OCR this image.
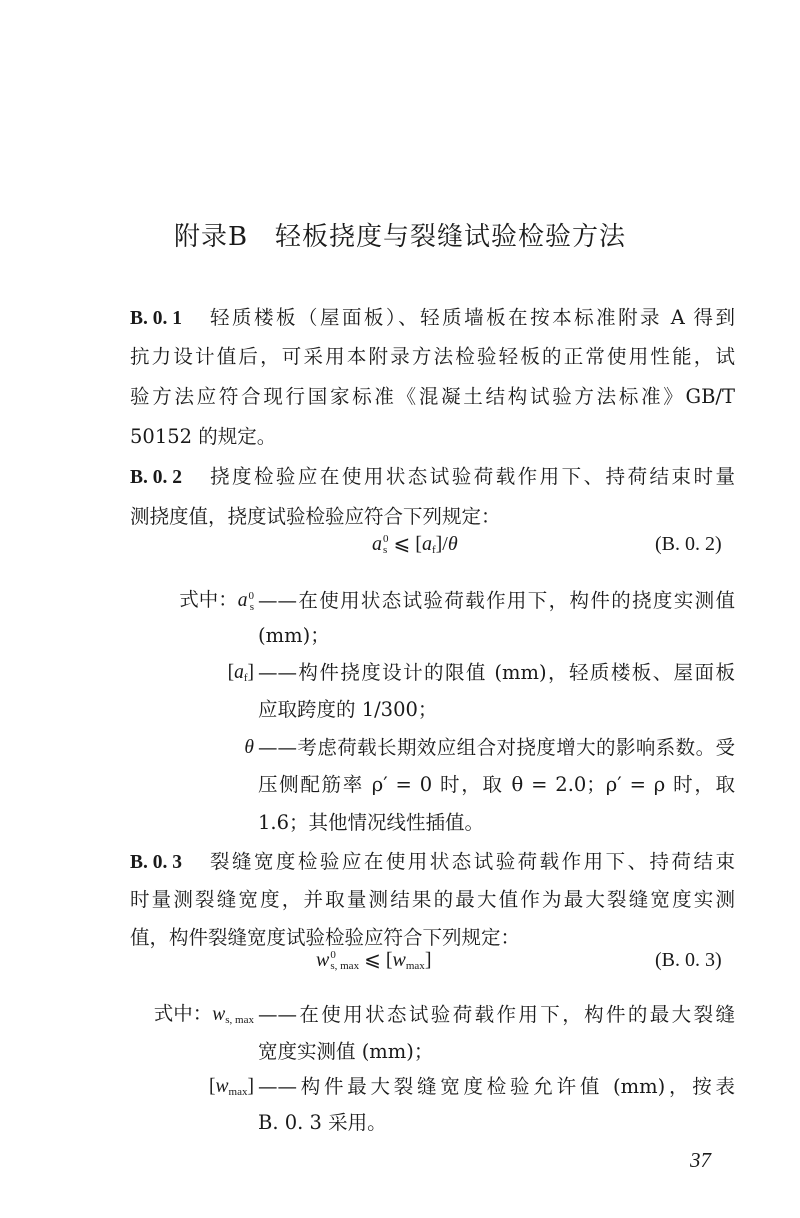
附录B　轻板挠度与裂缝试验检验方法
B. 0. 1 轻质楼板（屋面板）、轻质墙板在按本标准附录 A 得到
抗力设计值后，可采用本附录方法检验轻板的正常使用性能，试
验方法应符合现行国家标准《混凝土结构试验方法标准》GB/T
50152 的规定。
B. 0. 2 挠度检验应在使用状态试验荷载作用下、持荷结束时量
测挠度值，挠度试验检验应符合下列规定：
a 0
s ⩽ [af]/θ	(B. 0. 2)
式中：a 0
s ——在使用状态试验荷载作用下，构件的挠度实测值
(mm)；
[af] ——构件挠度设计的限值 (mm)，轻质楼板、屋面板
应取跨度的 1/300；
θ ——考虑荷载长期效应组合对挠度增大的影响系数。受
压侧配筋率 ρ′ = 0 时，取 θ = 2.0；ρ′ = ρ 时，取
1.6；其他情况线性插值。
B. 0. 3 裂缝宽度检验应在使用状态试验荷载作用下、持荷结束
时量测裂缝宽度，并取量测结果的最大值作为最大裂缝宽度实测
值，构件裂缝宽度试验检验应符合下列规定：
w 0
s, max ⩽ [wmax]	(B. 0. 3)
式中：ws, max ——在使用状态试验荷载作用下，构件的最大裂缝
宽度实测值 (mm)；
[wmax] ——构件最大裂缝宽度检验允许值 (mm)，按表
B. 0. 3 采用。
37
